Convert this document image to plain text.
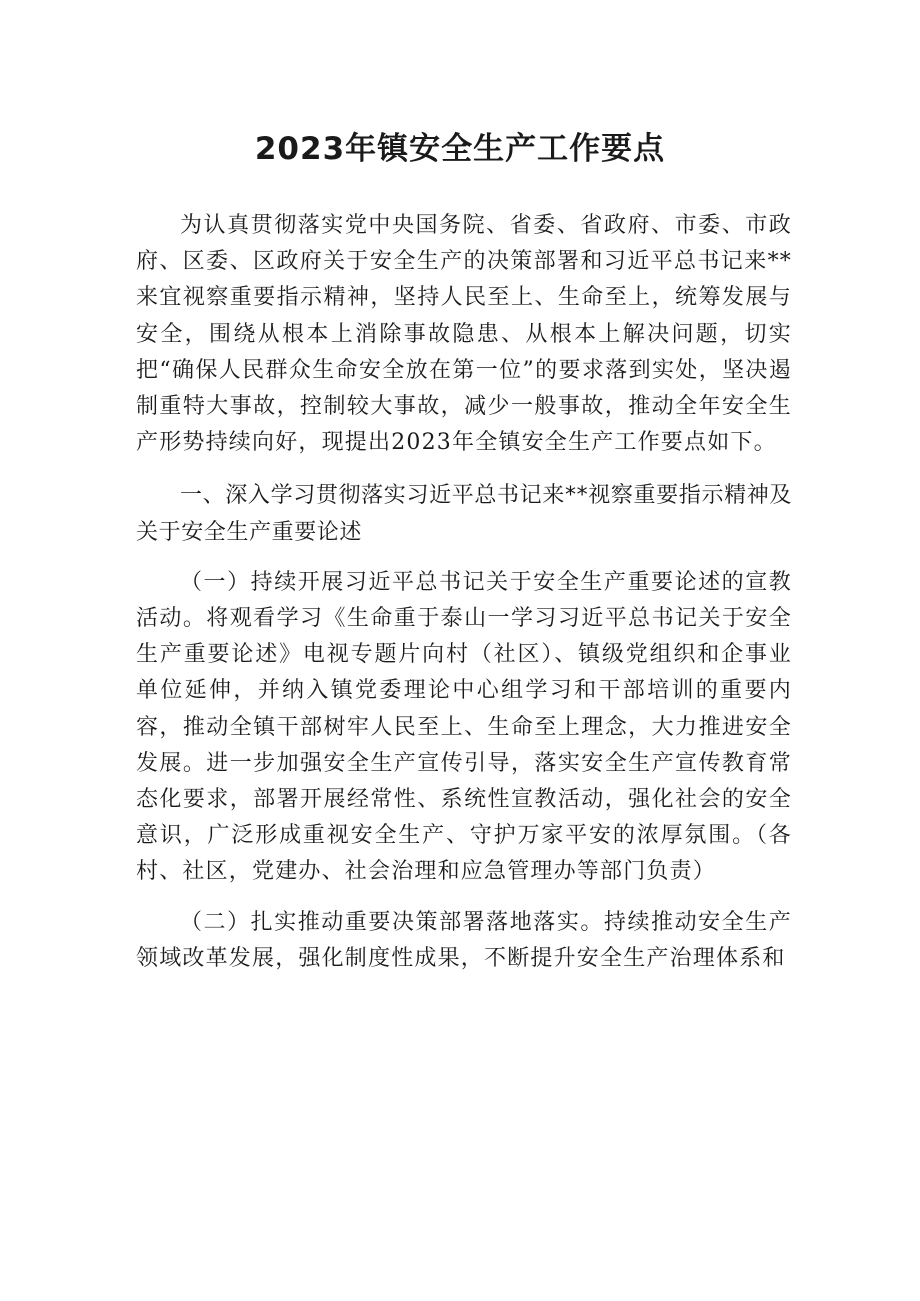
2023年镇安全生产工作要点

为认真贯彻落实党中央国务院、省委、省政府、市委、市政府、区委、区政府关于安全生产的决策部署和习近平总书记来**来宜视察重要指示精神，坚持人民至上、生命至上，统筹发展与安全，围绕从根本上消除事故隐患、从根本上解决问题，切实把“确保人民群众生命安全放在第一位”的要求落到实处，坚决遏制重特大事故，控制较大事故，减少一般事故，推动全年安全生产形势持续向好，现提出2023年全镇安全生产工作要点如下。

一、深入学习贯彻落实习近平总书记来**视察重要指示精神及关于安全生产重要论述

（一）持续开展习近平总书记关于安全生产重要论述的宣教活动。将观看学习《生命重于泰山一学习习近平总书记关于安全生产重要论述》电视专题片向村（社区）、镇级党组织和企事业单位延伸，并纳入镇党委理论中心组学习和干部培训的重要内容，推动全镇干部树牢人民至上、生命至上理念，大力推进安全发展。进一步加强安全生产宣传引导，落实安全生产宣传教育常态化要求，部署开展经常性、系统性宣教活动，强化社会的安全意识，广泛形成重视安全生产、守护万家平安的浓厚氛围。（各村、社区，党建办、社会治理和应急管理办等部门负责）

（二）扎实推动重要决策部署落地落实。持续推动安全生产领域改革发展，强化制度性成果，不断提升安全生产治理体系和
